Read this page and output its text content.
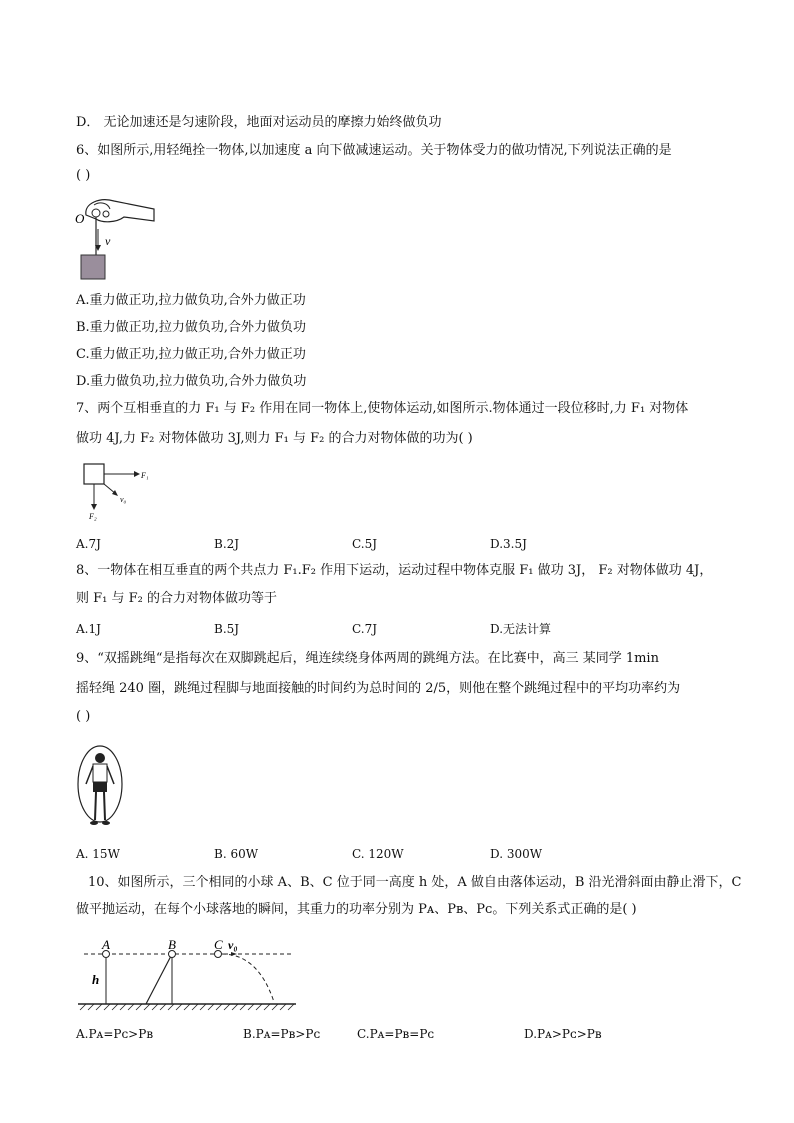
D． 无论加速还是匀速阶段，地面对运动员的摩擦力始终做负功
6、如图所示,用轻绳拴一物体,以加速度 a 向下做减速运动。关于物体受力的做功情况,下列说法正确的是
( )
O
v
A.重力做正功,拉力做负功,合外力做正功
B.重力做正功,拉力做负功,合外力做负功
C.重力做正功,拉力做正功,合外力做正功
D.重力做负功,拉力做负功,合外力做负功
7、两个互相垂直的力 F₁ 与 F₂ 作用在同一物体上,使物体运动,如图所示.物体通过一段位移时,力 F₁ 对物体
做功 4J,力 F₂ 对物体做功 3J,则力 F₁ 与 F₂ 的合力对物体做的功为( )
F₁
F₂
v₀
A.7J	B.2J	C.5J	D.3.5J
8、一物体在相互垂直的两个共点力 F₁.F₂ 作用下运动，运动过程中物体克服 F₁ 做功 3J， F₂ 对物体做功 4J，
则 F₁ 与 F₂ 的合力对物体做功等于
A.1J	B.5J	C.7J	D.无法计算
9、“双摇跳绳“是指每次在双脚跳起后，绳连续绕身体两周的跳绳方法。在比赛中，高三 某同学 1min
摇轻绳 240 圈，跳绳过程脚与地面接触的时间约为总时间的 2/5，则他在整个跳绳过程中的平均功率约为
( )
A. 15W	B. 60W	C. 120W	D. 300W
10、如图所示，三个相同的小球 A、B、C 位于同一高度 h 处，A 做自由落体运动，B 沿光滑斜面由静止滑下，C
做平抛运动，在每个小球落地的瞬间，其重力的功率分别为 Pᴀ、Pʙ、Pᴄ。下列关系式正确的是( )
A
h
B	C v₀
A.Pᴀ=Pᴄ>Pʙ	B.Pᴀ=Pʙ>Pᴄ	C.Pᴀ=Pʙ=Pᴄ	D.Pᴀ>Pᴄ>Pʙ
